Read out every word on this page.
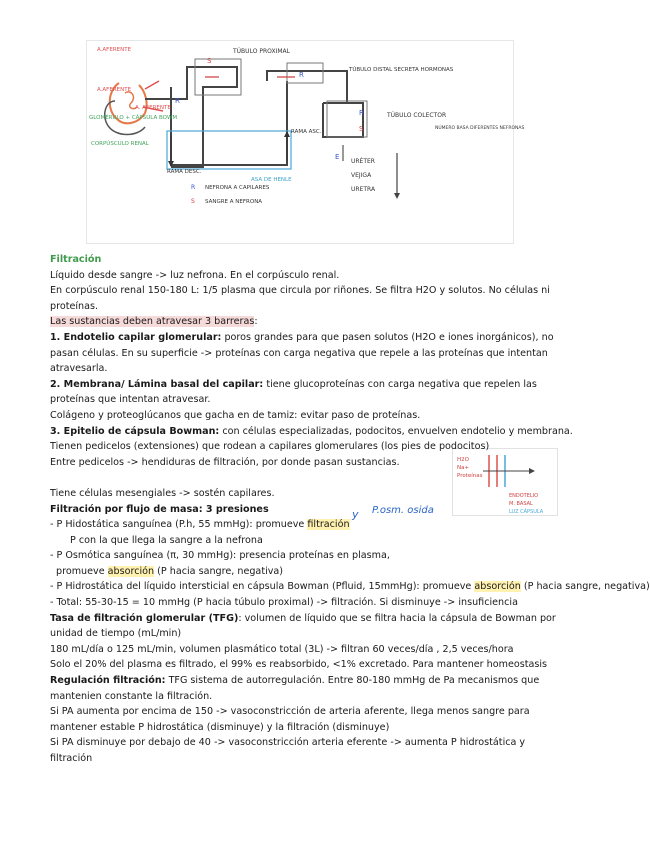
R
S
R
R
S
E
A.AFERENTE
A.AFERENTE
GLOMÉRULO + CÁPSULA BOWM
A. AFERENTE
CORPÚSCULO RENAL
TÚBULO PROXIMAL
TÚBULO DISTAL SECRETA HORMONAS
TÚBULO COLECTOR
NÚMERO BASA DIFERENTES NEFRONAS
RAMA DESC.
RAMA ASC.
ASA DE HENLE
URÉTER
VEJIGA
URETRA
R NEFRONA A CAPILARES
S SANGRE A NEFRONA
H2O
Na+
Proteínas
ENDOTELIO
M. BASAL
LUZ CÁPSULA
y P.osm. osida

Filtración

Líquido desde sangre -> luz nefrona. En el corpúsculo renal.

En corpúsculo renal 150-180 L: 1/5 plasma que circula por riñones. Se filtra H2O y solutos. No células ni proteínas.

Las sustancias deben atravesar 3 barreras:

1. Endotelio capilar glomerular: poros grandes para que pasen solutos (H2O e iones inorgánicos), no pasan células. En su superficie -> proteínas con carga negativa que repele a las proteínas que intentan atravesarla.

2. Membrana/ Lámina basal del capilar: tiene glucoproteínas con carga negativa que repelen las proteínas que intentan atravesar.

Colágeno y proteoglúcanos que gacha en de tamiz: evitar paso de proteínas.

3. Epitelio de cápsula Bowman: con células especializadas, podocitos, envuelven endotelio y membrana.

Tienen pedicelos (extensiones) que rodean a capilares glomerulares (los pies de podocitos)

Entre pedicelos -> hendiduras de filtración, por donde pasan sustancias.

Tiene células mesengiales -> sostén capilares.

Filtración por flujo de masa: 3 presiones

- P Hidostática sanguínea (P.h, 55 mmHg): promueve filtración

P con la que llega la sangre a la nefrona

- P Osmótica sanguínea (π, 30 mmHg): presencia proteínas en plasma,

promueve absorción (P hacia sangre, negativa)

- P Hidrostática del líquido intersticial en cápsula Bowman (Pfluid, 15mmHg): promueve absorción (P hacia sangre, negativa)

- Total: 55-30-15 = 10 mmHg (P hacia túbulo proximal) -> filtración. Si disminuye -> insuficiencia

Tasa de filtración glomerular (TFG): volumen de líquido que se filtra hacia la cápsula de Bowman por unidad de tiempo (mL/min)

180 mL/día o 125 mL/min, volumen plasmático total (3L) -> filtran 60 veces/día , 2,5 veces/hora

Solo el 20% del plasma es filtrado, el 99% es reabsorbido, <1% excretado. Para mantener homeostasis

Regulación filtración: TFG sistema de autorregulación. Entre 80-180 mmHg de Pa mecanismos que mantenien constante la filtración.

Si PA aumenta por encima de 150 -> vasoconstricción de arteria aferente, llega menos sangre para mantener estable P hidrostática (disminuye) y la filtración (disminuye)

Si PA disminuye por debajo de 40 -> vasoconstricción arteria eferente -> aumenta P hidrostática y filtración
